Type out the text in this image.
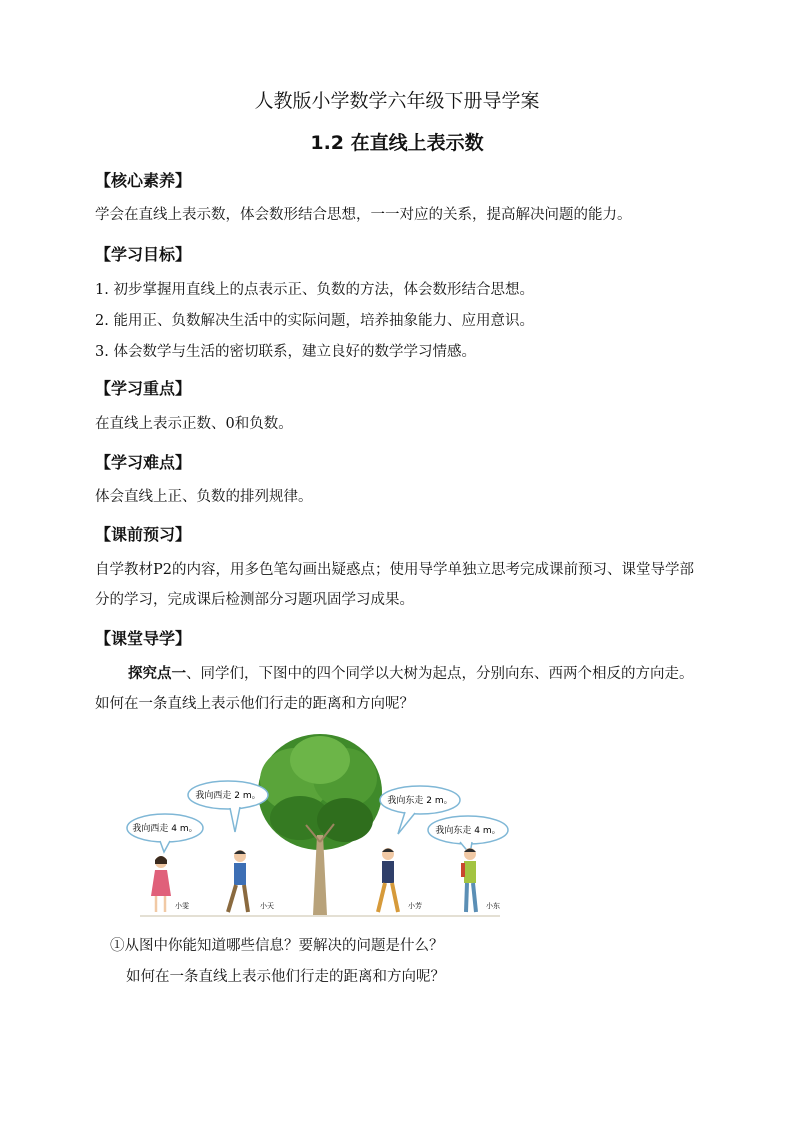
人教版小学数学六年级下册导学案
1.2 在直线上表示数
【核心素养】
学会在直线上表示数，体会数形结合思想，一一对应的关系，提高解决问题的能力。
【学习目标】
1. 初步掌握用直线上的点表示正、负数的方法，体会数形结合思想。
2. 能用正、负数解决生活中的实际问题，培养抽象能力、应用意识。
3. 体会数学与生活的密切联系，建立良好的数学学习情感。
【学习重点】
在直线上表示正数、0和负数。
【学习难点】
体会直线上正、负数的排列规律。
【课前预习】
自学教材P2的内容，用多色笔勾画出疑惑点；使用导学单独立思考完成课前预习、课堂导学部分的学习，完成课后检测部分习题巩固学习成果。
【课堂导学】
探究点一、同学们，下图中的四个同学以大树为起点，分别向东、西两个相反的方向走。如何在一条直线上表示他们行走的距离和方向呢？
我向西走 4 m。
我向西走 2 m。	我向东走 2 m。
我向东走 4 m。
小雯	小天	小芳	小东
①从图中你能知道哪些信息？要解决的问题是什么？
如何在一条直线上表示他们行走的距离和方向呢？
